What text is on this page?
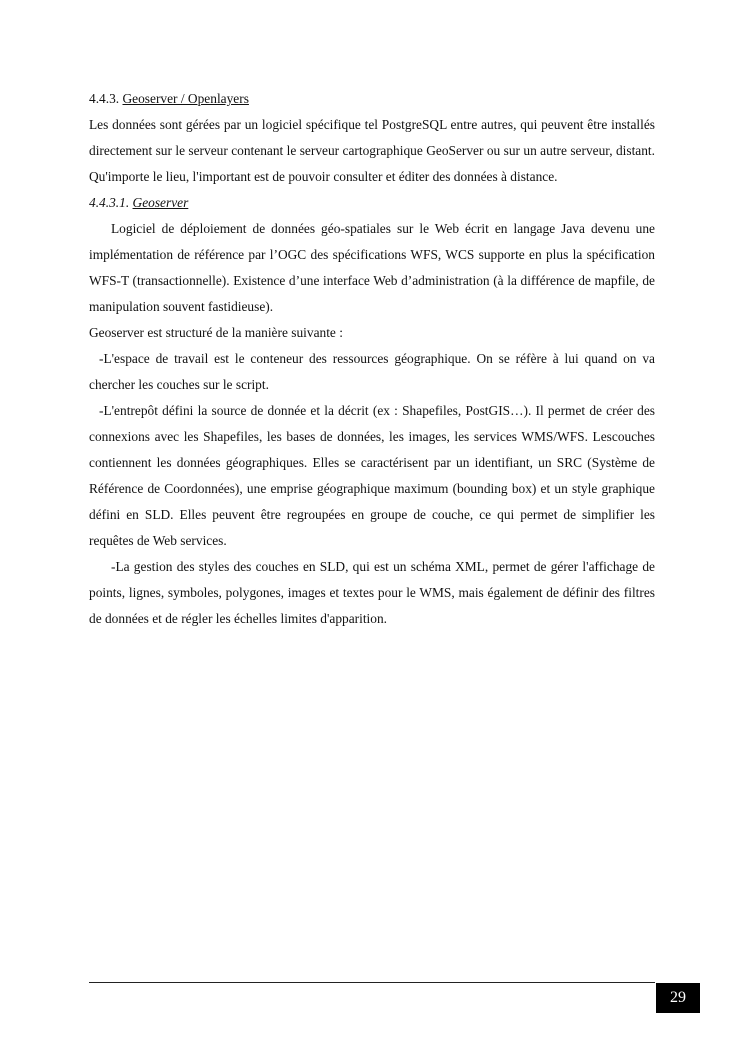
4.4.3. Geoserver / Openlayers

Les données sont gérées par un logiciel spécifique tel PostgreSQL entre autres, qui peuvent être installés directement sur le serveur contenant le serveur cartographique GeoServer ou sur un autre serveur, distant. Qu'importe le lieu, l'important est de pouvoir consulter et éditer des données à distance.

4.4.3.1. Geoserver

Logiciel de déploiement de données géo-spatiales sur le Web écrit en langage Java devenu une implémentation de référence par l’OGC des spécifications WFS, WCS supporte en plus la spécification WFS-T (transactionnelle). Existence d’une interface Web d’administration (à la différence de mapfile, de manipulation souvent fastidieuse).

Geoserver est structuré de la manière suivante :

-L'espace de travail est le conteneur des ressources géographique. On se réfère à lui quand on va chercher les couches sur le script.

-L'entrepôt défini la source de donnée et la décrit (ex : Shapefiles, PostGIS…). Il permet de créer des connexions avec les Shapefiles, les bases de données, les images, les services WMS/WFS. Lescouches contiennent les données géographiques. Elles se caractérisent par un identifiant, un SRC (Système de Référence de Coordonnées), une emprise géographique maximum (bounding box) et un style graphique défini en SLD. Elles peuvent être regroupées en groupe de couche, ce qui permet de simplifier les requêtes de Web services.

-La gestion des styles des couches en SLD, qui est un schéma XML, permet de gérer l'affichage de points, lignes, symboles, polygones, images et textes pour le WMS, mais également de définir des filtres de données et de régler les échelles limites d'apparition.

29
